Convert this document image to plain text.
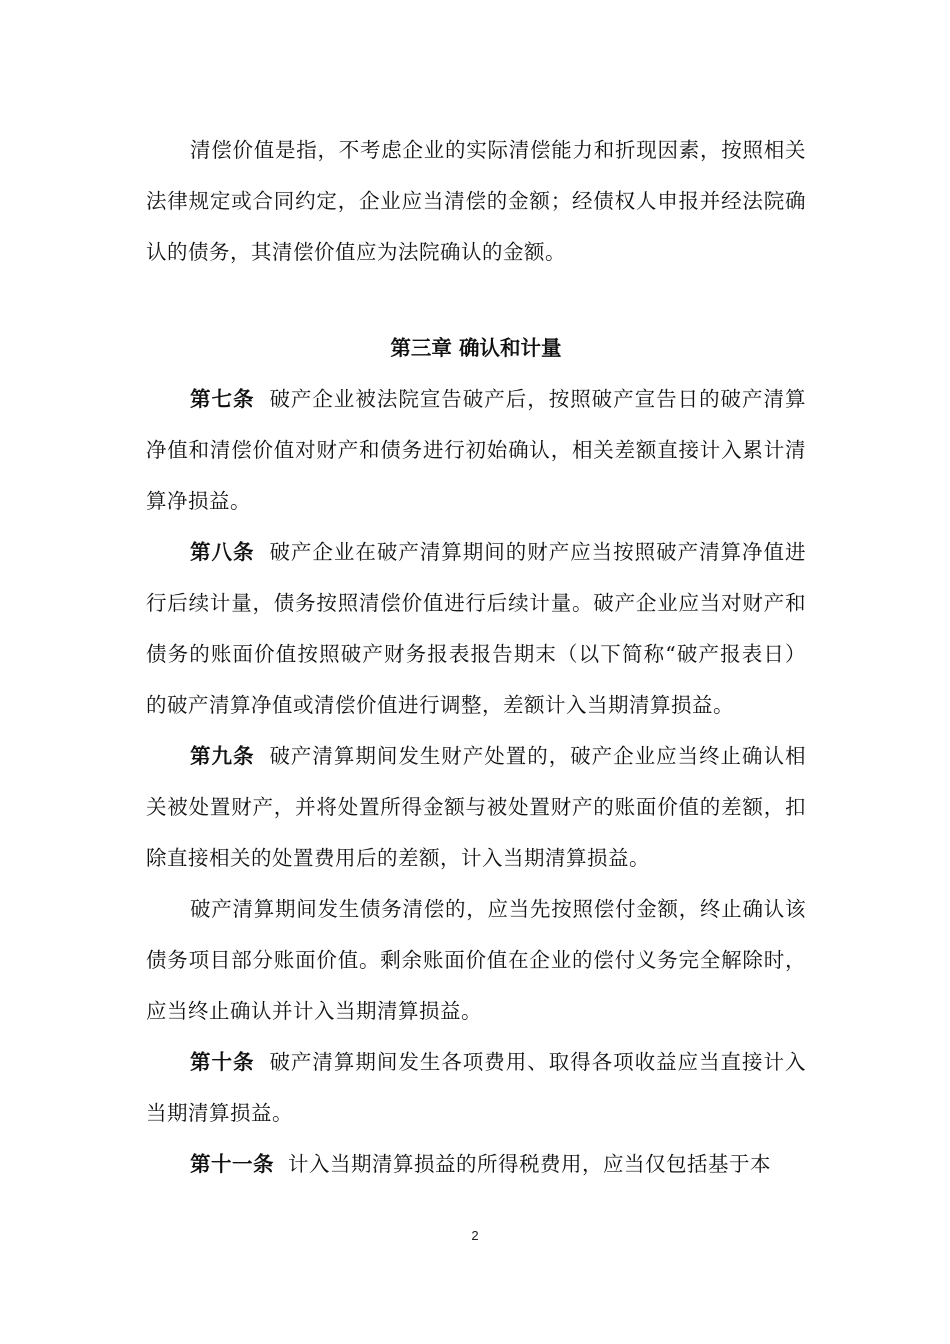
清偿价值是指，不考虑企业的实际清偿能力和折现因素，按照相关法律规定或合同约定，企业应当清偿的金额；经债权人申报并经法院确认的债务，其清偿价值应为法院确认的金额。

第三章 确认和计量

第七条 破产企业被法院宣告破产后，按照破产宣告日的破产清算净值和清偿价值对财产和债务进行初始确认，相关差额直接计入累计清算净损益。

第八条 破产企业在破产清算期间的财产应当按照破产清算净值进行后续计量，债务按照清偿价值进行后续计量。破产企业应当对财产和债务的账面价值按照破产财务报表报告期末（以下简称“破产报表日）的破产清算净值或清偿价值进行调整，差额计入当期清算损益。

第九条 破产清算期间发生财产处置的，破产企业应当终止确认相关被处置财产，并将处置所得金额与被处置财产的账面价值的差额，扣除直接相关的处置费用后的差额，计入当期清算损益。

破产清算期间发生债务清偿的，应当先按照偿付金额，终止确认该债务项目部分账面价值。剩余账面价值在企业的偿付义务完全解除时，应当终止确认并计入当期清算损益。

第十条 破产清算期间发生各项费用、取得各项收益应当直接计入当期清算损益。

第十一条 计入当期清算损益的所得税费用，应当仅包括基于本

2
